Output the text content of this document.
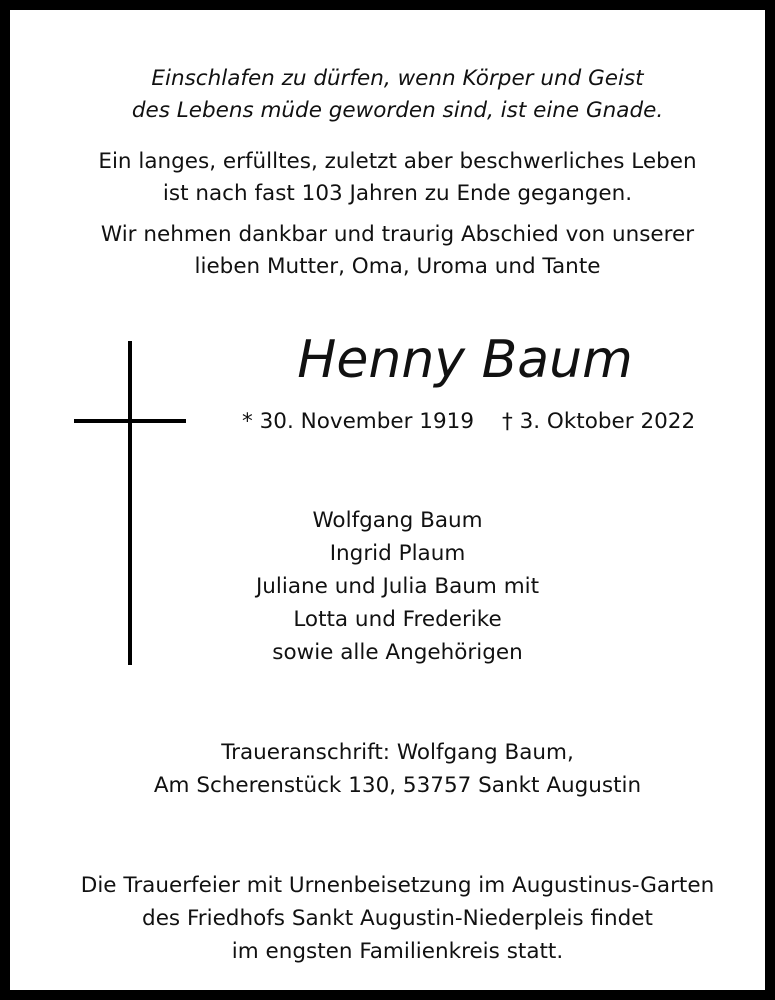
Einschlafen zu dürfen, wenn Körper und Geist

des Lebens müde geworden sind, ist eine Gnade.

Ein langes, erfülltes, zuletzt aber beschwerliches Leben

ist nach fast 103 Jahren zu Ende gegangen.

Wir nehmen dankbar und traurig Abschied von unserer

lieben Mutter, Oma, Uroma und Tante

Henny Baum

* 30. November 1919 † 3. Oktober 2022

Wolfgang Baum

Ingrid Plaum

Juliane und Julia Baum mit

Lotta und Frederike

sowie alle Angehörigen

Traueranschrift: Wolfgang Baum,

Am Scherenstück 130, 53757 Sankt Augustin

Die Trauerfeier mit Urnenbeisetzung im Augustinus-Garten

des Friedhofs Sankt Augustin-Niederpleis findet

im engsten Familienkreis statt.
